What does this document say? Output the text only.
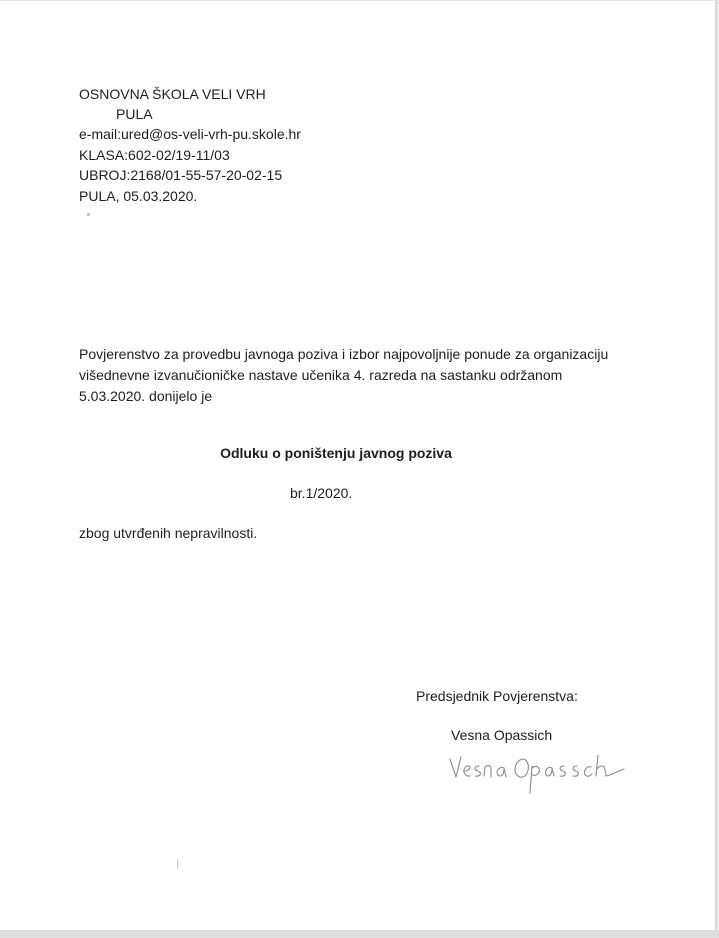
OSNOVNA ŠKOLA VELI VRH
PULA
e-mail:ured@os-veli-vrh-pu.skole.hr
KLASA:602-02/19-11/03
UBROJ:2168/01-55-57-20-02-15
PULA, 05.03.2020.
Povjerenstvo za provedbu javnoga poziva i izbor najpovoljnije ponude za organizaciju višednevne izvanučioničke nastave učenika 4. razreda na sastanku održanom 5.03.2020. donijelo je
Odluku o poništenju javnog poziva
br.1/2020.
zbog utvrđenih nepravilnosti.
Predsjednik Povjerenstva:
Vesna Opassich
